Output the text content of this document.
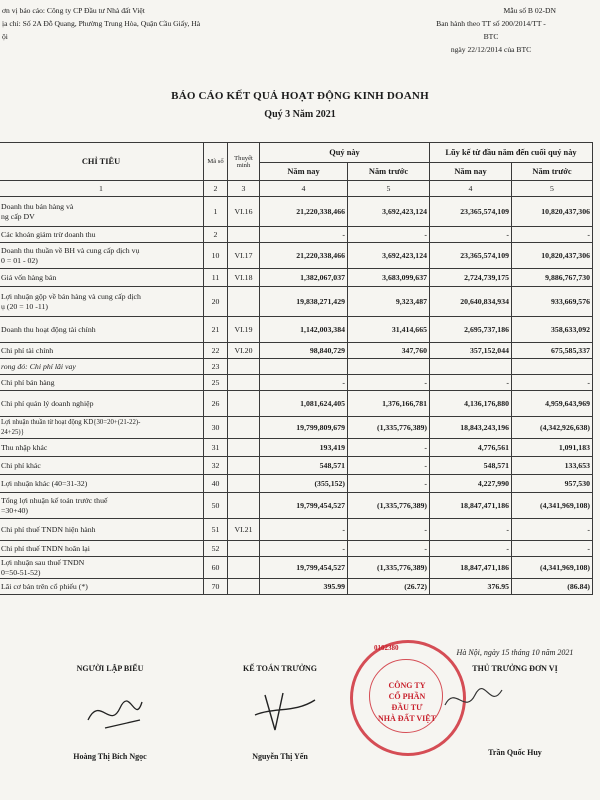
ơn vị báo cáo: Công ty CP Đầu tư Nhà đất Việt
ịa chỉ: Số 2A Đỗ Quang, Phường Trung Hòa, Quận Cầu Giấy, Hà
ội
Mẫu số B 02-DN
Ban hành theo TT số 200/2014/TT -
BTC
ngày 22/12/2014 của BTC
BÁO CÁO KẾT QUẢ HOẠT ĐỘNG KINH DOANH
Quý 3 Năm 2021
CHỈ TIÊU	Mã số	Thuyết minh	Quý này		Lũy kế từ đầu năm đến cuối quý này	
			Năm nay	Năm trước	Năm nay	Năm trước
1	2	3	4	5	4	5
Doanh thu bán hàng và
ng cấp DV	1	VI.16	21,220,338,466	3,692,423,124	23,365,574,109	10,820,437,306
Các khoản giảm trừ doanh thu	2		-	-	-	-
Doanh thu thuần về BH và cung cấp dịch vụ
0 = 01 - 02)	10	VI.17	21,220,338,466	3,692,423,124	23,365,574,109	10,820,437,306
Giá vốn hàng bán	11	VI.18	1,382,067,037	3,683,099,637	2,724,739,175	9,886,767,730
Lợi nhuận gộp về bán hàng và cung cấp dịch
ụ (20 = 10 -11)	20		19,838,271,429	9,323,487	20,640,834,934	933,669,576
Doanh thu hoạt động tài chính	21	VI.19	1,142,003,384	31,414,665	2,695,737,186	358,633,092
Chi phí tài chính	22	VI.20	98,840,729	347,760	357,152,044	675,585,337
rong đó: Chi phí lãi vay	23					
Chi phí bán hàng	25		-	-	-	-
Chi phí quản lý doanh nghiệp	26		1,081,624,405	1,376,166,781	4,136,176,880	4,959,643,969
Lợi nhuận thuần từ hoạt động KD{30=20+(21-22)-
24+25)}	30		19,799,809,679	(1,335,776,389)	18,843,243,196	(4,342,926,638)
Thu nhập khác	31		193,419	-	4,776,561	1,091,183
Chi phí khác	32		548,571	-	548,571	133,653
Lợi nhuận khác (40=31-32)	40		(355,152)	-	4,227,990	957,530
Tổng lợi nhuận kế toán trước thuế
=30+40)	50		19,799,454,527	(1,335,776,389)	18,847,471,186	(4,341,969,108)
Chi phí thuế TNDN hiện hành	51	VI.21	-	-	-	-
Chi phí thuế TNDN hoãn lại	52		-	-	-	-
Lợi nhuận sau thuế TNDN
0=50-51-52)	60		19,799,454,527	(1,335,776,389)	18,847,471,186	(4,341,969,108)
Lãi cơ bản trên cổ phiếu (*)	70		395.99	(26.72)	376.95	(86.84)
Hà Nội, ngày 15 tháng 10 năm 2021
NGƯỜI LẬP BIỂU	KẾ TOÁN TRƯỞNG	THỦ TRƯỞNG ĐƠN VỊ
0102380
CÔNG TY
CỔ PHẦN
ĐẦU TƯ
NHÀ ĐẤT VIỆT
Hoàng Thị Bích Ngọc	Nguyễn Thị Yến	Trần Quốc Huy
